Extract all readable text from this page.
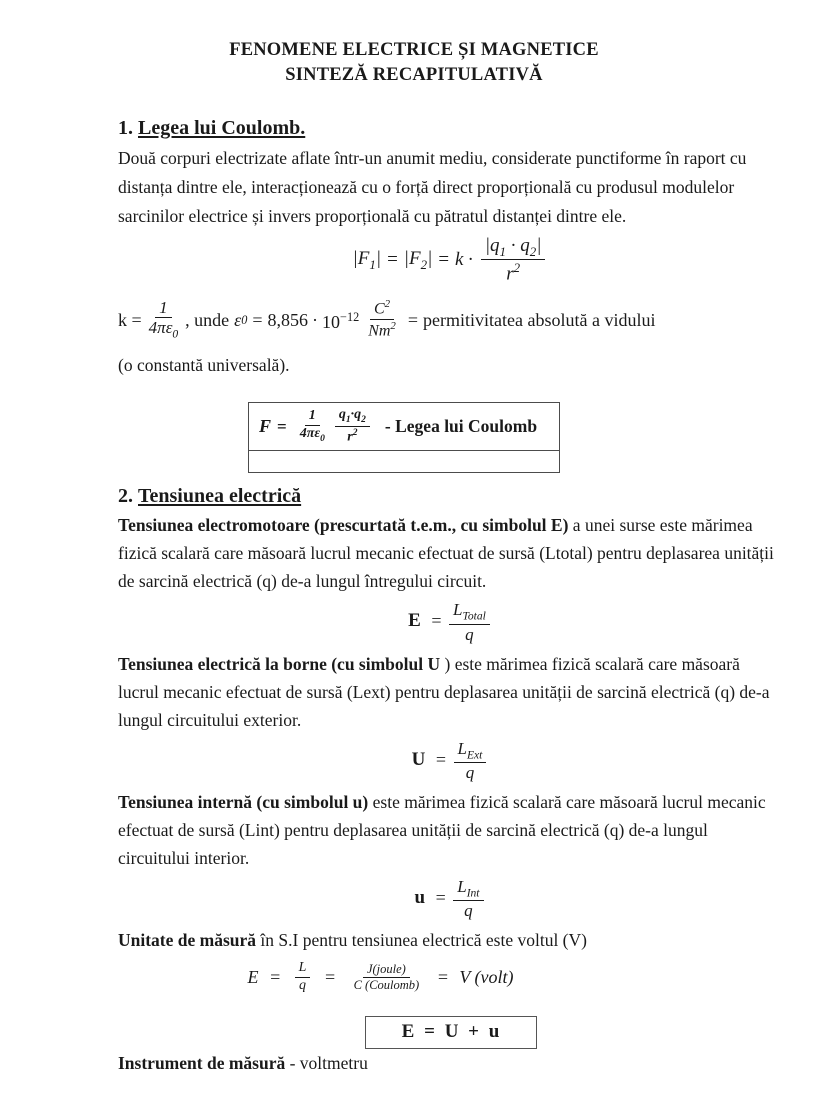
FENOMENE ELECTRICE ȘI MAGNETICE
SINTEZĂ RECAPITULATIVĂ
1. Legea lui Coulomb.

Două corpuri electrizate aflate într-un anumit mediu, considerate punctiforme în raport cu distanța dintre ele, interacționează cu o forță direct proporțională cu produsul modulelor sarcinilor electrice și invers proporțională cu pătratul distanței dintre ele.

$|F_1| = |F_2| = k \cdot \frac{|q_1 \cdot q_2|}{r^2}$
$k = \frac{1}{4\pi\varepsilon_0}$ , unde ε $0 = 8,856 \cdot 10^{-12} \frac{C^2}{Nm^2}$ = permitivitatea absolută a vidului

(o constantă universală).

$F = \frac{1}{4\pi\varepsilon_0} \frac{q_1\cdot q_2}{r^2}$ - Legea lui Coulomb
2. Tensiunea electrică

Tensiunea electromotoare (prescurtată t.e.m., cu simbolul E) a unei surse este mărimea fizică scalară care măsoară lucrul mecanic efectuat de sursă (Ltotal) pentru deplasarea unității de sarcină electrică (q) de-a lungul întregului circuit.

$E = \frac{L_{Total}}{q}$

Tensiunea electrică la borne (cu simbolul U ) este mărimea fizică scalară care măsoară lucrul mecanic efectuat de sursă (Lext) pentru deplasarea unității de sarcină electrică (q) de-a lungul circuitului exterior.

$U = \frac{L_{Ext}}{q}$

Tensiunea internă (cu simbolul u) este mărimea fizică scalară care măsoară lucrul mecanic efectuat de sursă (Lint) pentru deplasarea unității de sarcină electrică (q) de-a lungul circuitului interior.

$u = \frac{L_{Int}}{q}$

Unitate de măsură în S.I pentru tensiunea electrică este voltul (V)

$E = \frac{L}{q} = \frac{\text{J(joule)}}{\text{C (Coulomb)}} = V$ (volt)
E = U + u

Instrument de măsură - voltmetru
